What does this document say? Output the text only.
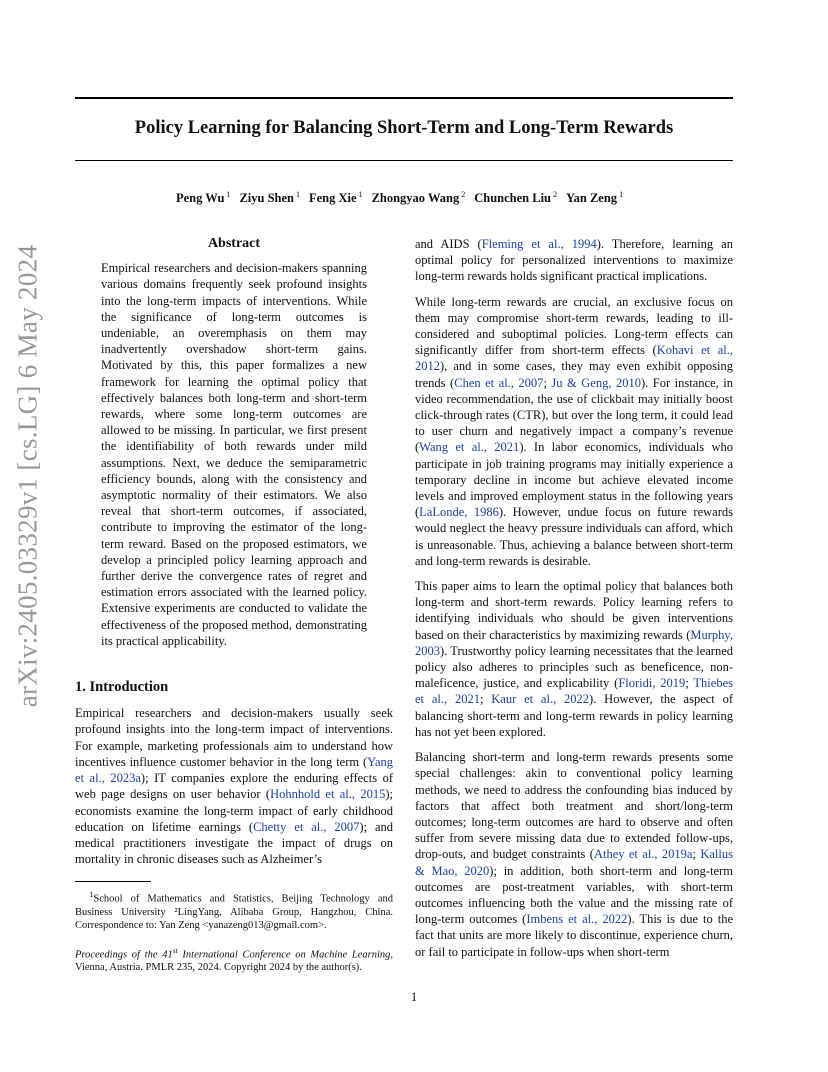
Policy Learning for Balancing Short-Term and Long-Term Rewards
Peng Wu $^1$ Ziyu Shen $^1$ Feng Xie $^1$ Zhongyao Wang $^2$ Chunchen Liu $^2$ Yan Zeng $^1$
arXiv:2405.03329v1 [cs.LG] 6 May 2024
Abstract

Empirical researchers and decision-makers spanning various domains frequently seek profound insights into the long-term impacts of interventions. While the significance of long-term outcomes is undeniable, an overemphasis on them may inadvertently overshadow short-term gains. Motivated by this, this paper formalizes a new framework for learning the optimal policy that effectively balances both long-term and short-term rewards, where some long-term outcomes are allowed to be missing. In particular, we first present the identifiability of both rewards under mild assumptions. Next, we deduce the semiparametric efficiency bounds, along with the consistency and asymptotic normality of their estimators. We also reveal that short-term outcomes, if associated, contribute to improving the estimator of the long-term reward. Based on the proposed estimators, we develop a principled policy learning approach and further derive the convergence rates of regret and estimation errors associated with the learned policy. Extensive experiments are conducted to validate the effectiveness of the proposed method, demonstrating its practical applicability.

1. Introduction

Empirical researchers and decision-makers usually seek profound insights into the long-term impact of interventions. For example, marketing professionals aim to understand how incentives influence customer behavior in the long term (Yang et al., 2023a); IT companies explore the enduring effects of web page designs on user behavior (Hohnhold et al., 2015); economists examine the long-term impact of early childhood education on lifetime earnings (Chetty et al., 2007); and medical practitioners investigate the impact of drugs on mortality in chronic diseases such as Alzheimer’s

$^1$School of Mathematics and Statistics, Beijing Technology and Business University ²LingYang, Alibaba Group, Hangzhou, China. Correspondence to: Yan Zeng <yanazeng013@gmail.com>.

Proceedings of the 41st International Conference on Machine Learning, Vienna, Austria. PMLR 235, 2024. Copyright 2024 by the author(s).

and AIDS (Fleming et al., 1994). Therefore, learning an optimal policy for personalized interventions to maximize long-term rewards holds significant practical implications.

While long-term rewards are crucial, an exclusive focus on them may compromise short-term rewards, leading to ill-considered and suboptimal policies. Long-term effects can significantly differ from short-term effects (Kohavi et al., 2012), and in some cases, they may even exhibit opposing trends (Chen et al., 2007; Ju & Geng, 2010). For instance, in video recommendation, the use of clickbait may initially boost click-through rates (CTR), but over the long term, it could lead to user churn and negatively impact a company’s revenue (Wang et al., 2021). In labor economics, individuals who participate in job training programs may initially experience a temporary decline in income but achieve elevated income levels and improved employment status in the following years (LaLonde, 1986). However, undue focus on future rewards would neglect the heavy pressure individuals can afford, which is unreasonable. Thus, achieving a balance between short-term and long-term rewards is desirable.

This paper aims to learn the optimal policy that balances both long-term and short-term rewards. Policy learning refers to identifying individuals who should be given interventions based on their characteristics by maximizing rewards (Murphy, 2003). Trustworthy policy learning necessitates that the learned policy also adheres to principles such as beneficence, non-maleficence, justice, and explicability (Floridi, 2019; Thiebes et al., 2021; Kaur et al., 2022). However, the aspect of balancing short-term and long-term rewards in policy learning has not yet been explored.

Balancing short-term and long-term rewards presents some special challenges: akin to conventional policy learning methods, we need to address the confounding bias induced by factors that affect both treatment and short/long-term outcomes; long-term outcomes are hard to observe and often suffer from severe missing data due to extended follow-ups, drop-outs, and budget constraints (Athey et al., 2019a; Kallus & Mao, 2020); in addition, both short-term and long-term outcomes are post-treatment variables, with short-term outcomes influencing both the value and the missing rate of long-term outcomes (Imbens et al., 2022). This is due to the fact that units are more likely to discontinue, experience churn, or fail to participate in follow-ups when short-term

1
